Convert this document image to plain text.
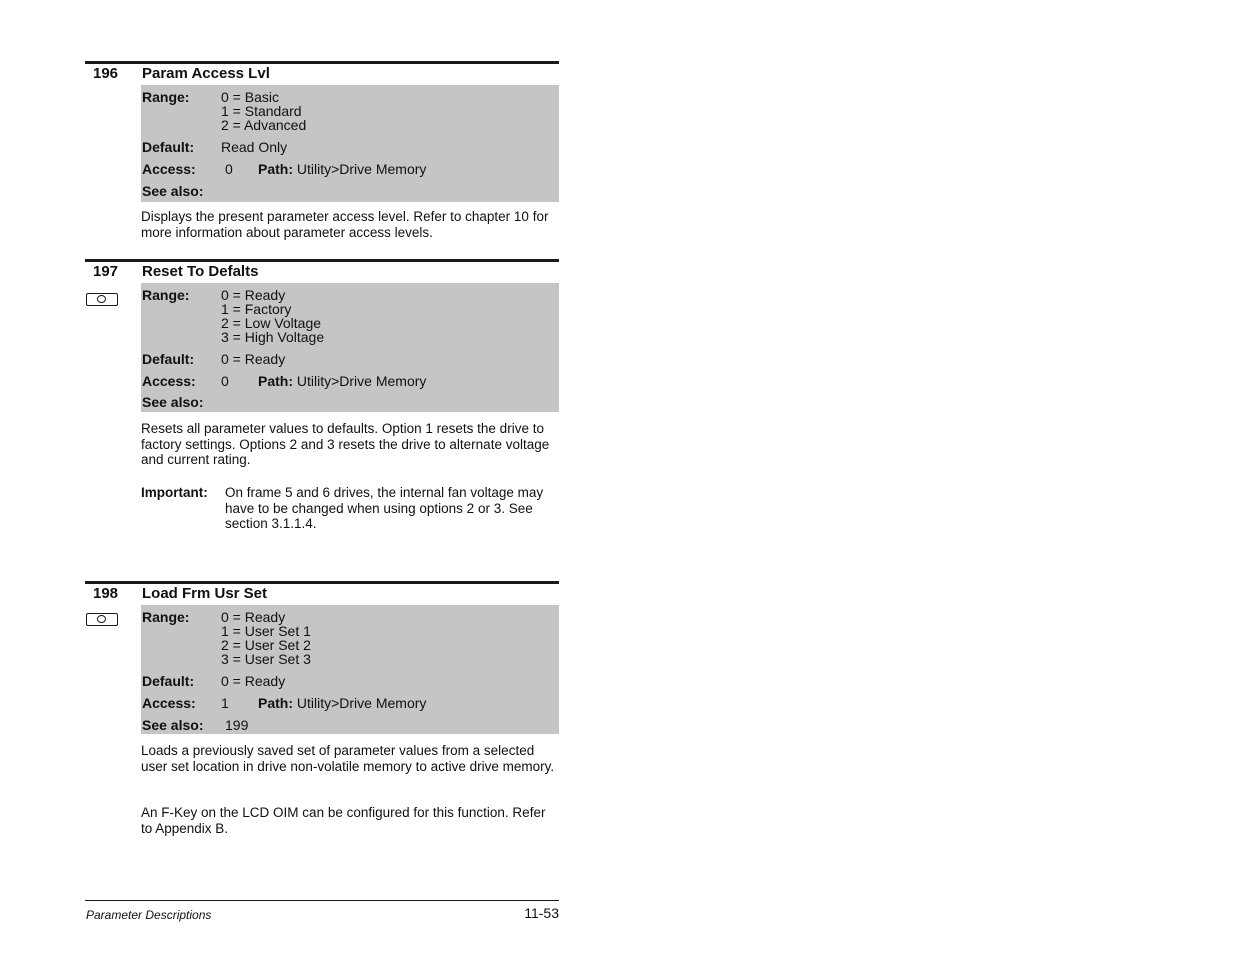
196 Param Access Lvl
Range: 0 = Basic
1 = Standard
2 = Advanced
Default: Read Only
Access: 0 Path: Utility>Drive Memory
See also:
Displays the present parameter access level. Refer to chapter 10 for more information about parameter access levels.
197 Reset To Defalts
Range: 0 = Ready
1 = Factory
2 = Low Voltage
3 = High Voltage
Default: 0 = Ready
Access: 0 Path: Utility>Drive Memory
See also:
Resets all parameter values to defaults. Option 1 resets the drive to factory settings. Options 2 and 3 resets the drive to alternate voltage and current rating.
Important: On frame 5 and 6 drives, the internal fan voltage may have to be changed when using options 2 or 3. See section 3.1.1.4.
198 Load Frm Usr Set
Range: 0 = Ready
1 = User Set 1
2 = User Set 2
3 = User Set 3
Default: 0 = Ready
Access: 1 Path: Utility>Drive Memory
See also: 199
Loads a previously saved set of parameter values from a selected user set location in drive non-volatile memory to active drive memory.
An F-Key on the LCD OIM can be configured for this function. Refer to Appendix B.
Parameter Descriptions	11-53
